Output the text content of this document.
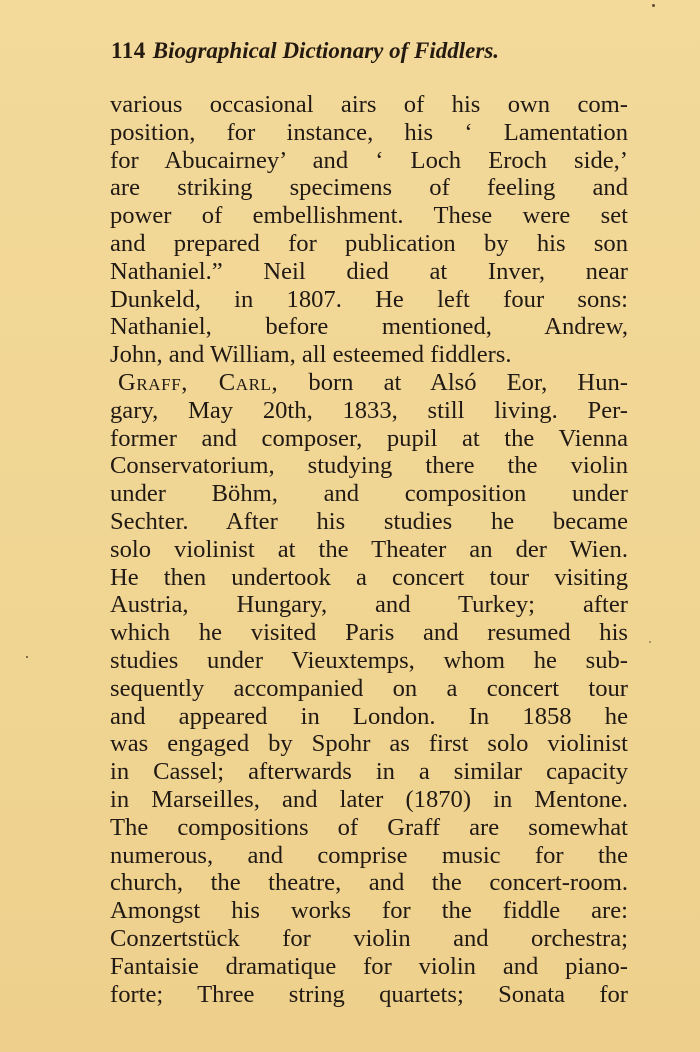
114 Biographical Dictionary of Fiddlers.
various occasional airs of his own com-
position, for instance, his ‘ Lamentation
for Abucairney’ and ‘ Loch Eroch side,’
are striking specimens of feeling and
power of embellishment. These were set
and prepared for publication by his son
Nathaniel.” Neil died at Inver, near
Dunkeld, in 1807. He left four sons:
Nathaniel, before mentioned, Andrew,
John, and William, all esteemed fiddlers.
Graff, Carl, born at Alsó Eor, Hun-
gary, May 20th, 1833, still living. Per-
former and composer, pupil at the Vienna
Conservatorium, studying there the violin
under Böhm, and composition under
Sechter. After his studies he became
solo violinist at the Theater an der Wien.
He then undertook a concert tour visiting
Austria, Hungary, and Turkey; after
which he visited Paris and resumed his
studies under Vieuxtemps, whom he sub-
sequently accompanied on a concert tour
and appeared in London. In 1858 he
was engaged by Spohr as first solo violinist
in Cassel; afterwards in a similar capacity
in Marseilles, and later (1870) in Mentone.
The compositions of Graff are somewhat
numerous, and comprise music for the
church, the theatre, and the concert-room.
Amongst his works for the fiddle are:
Conzertstück for violin and orchestra;
Fantaisie dramatique for violin and piano-
forte; Three string quartets; Sonata for
